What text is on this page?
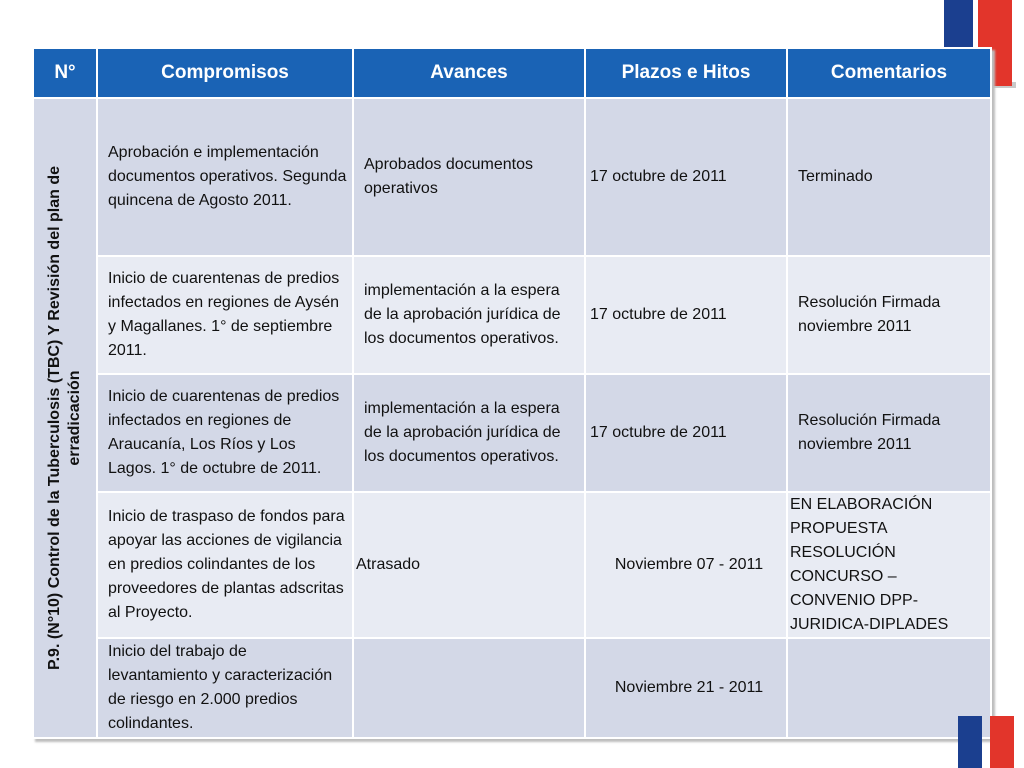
N°	Compromisos	Avances	Plazos e Hitos	Comentarios

P.9. (N°10) Control de la Tuberculosis (TBC) Y Revisión del plan de erradicación	Aprobación e implementación documentos operativos. Segunda quincena de Agosto 2011.	Aprobados documentos operativos	17 octubre de 2011	Terminado
	Inicio de cuarentenas de predios infectados en regiones de Aysén y Magallanes. 1° de septiembre 2011.	implementación a la espera de la aprobación jurídica de los documentos operativos.	17 octubre de 2011	Resolución Firmada noviembre 2011
	Inicio de cuarentenas de predios infectados en regiones de Araucanía, Los Ríos y Los Lagos. 1° de octubre de 2011.	implementación a la espera de la aprobación jurídica de los documentos operativos.	17 octubre de 2011	Resolución Firmada noviembre 2011
	Inicio de traspaso de fondos para apoyar las acciones de vigilancia en predios colindantes de los proveedores de plantas adscritas al Proyecto.	Atrasado	Noviembre 07 - 2011	EN ELABORACIÓN PROPUESTA RESOLUCIÓN CONCURSO – CONVENIO DPP-JURIDICA-DIPLADES
	Inicio del trabajo de levantamiento y caracterización de riesgo en 2.000 predios colindantes.		Noviembre 21 - 2011	
